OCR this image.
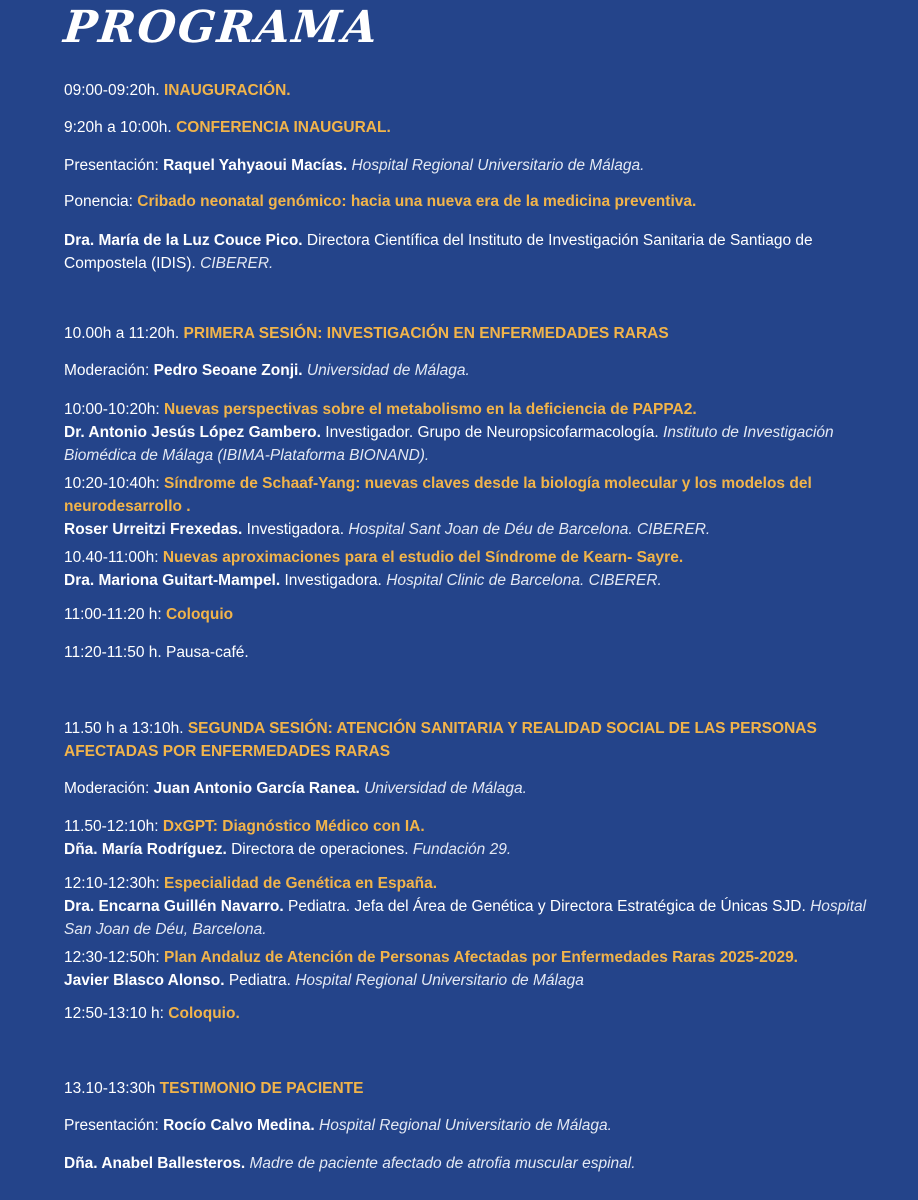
PROGRAMA
09:00-09:20h. INAUGURACIÓN.
9:20h a 10:00h. CONFERENCIA INAUGURAL.
Presentación: Raquel Yahyaoui Macías. Hospital Regional Universitario de Málaga.
Ponencia: Cribado neonatal genómico: hacia una nueva era de la medicina preventiva.
Dra. María de la Luz Couce Pico. Directora Científica del Instituto de Investigación Sanitaria de Santiago de Compostela (IDIS). CIBERER.
10.00h a 11:20h. PRIMERA SESIÓN: INVESTIGACIÓN EN ENFERMEDADES RARAS
Moderación: Pedro Seoane Zonji. Universidad de Málaga.
10:00-10:20h: Nuevas perspectivas sobre el metabolismo en la deficiencia de PAPPA2.
Dr. Antonio Jesús López Gambero. Investigador. Grupo de Neuropsicofarmacología. Instituto de Investigación Biomédica de Málaga (IBIMA-Plataforma BIONAND).
10:20-10:40h: Síndrome de Schaaf-Yang: nuevas claves desde la biología molecular y los modelos del neurodesarrollo .
Roser Urreitzi Frexedas. Investigadora. Hospital Sant Joan de Déu de Barcelona. CIBERER.
10.40-11:00h: Nuevas aproximaciones para el estudio del Síndrome de Kearn- Sayre.
Dra. Mariona Guitart-Mampel. Investigadora. Hospital Clinic de Barcelona. CIBERER.
11:00-11:20 h: Coloquio
11:20-11:50 h. Pausa-café.
11.50 h a 13:10h. SEGUNDA SESIÓN: ATENCIÓN SANITARIA Y REALIDAD SOCIAL DE LAS PERSONAS AFECTADAS POR ENFERMEDADES RARAS
Moderación: Juan Antonio García Ranea. Universidad de Málaga.
11.50-12:10h: DxGPT: Diagnóstico Médico con IA.
Dña. María Rodríguez. Directora de operaciones. Fundación 29.
12:10-12:30h: Especialidad de Genética en España.
Dra. Encarna Guillén Navarro. Pediatra. Jefa del Área de Genética y Directora Estratégica de Únicas SJD. Hospital San Joan de Déu, Barcelona.
12:30-12:50h: Plan Andaluz de Atención de Personas Afectadas por Enfermedades Raras 2025-2029.
Javier Blasco Alonso. Pediatra. Hospital Regional Universitario de Málaga
12:50-13:10 h: Coloquio.
13.10-13:30h TESTIMONIO DE PACIENTE
Presentación: Rocío Calvo Medina. Hospital Regional Universitario de Málaga.
Dña. Anabel Ballesteros. Madre de paciente afectado de atrofia muscular espinal.
